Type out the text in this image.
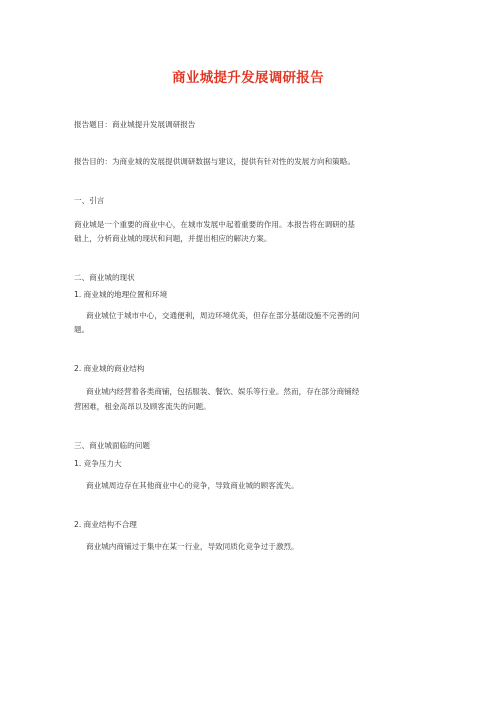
商业城提升发展调研报告
报告题目：商业城提升发展调研报告
报告目的：为商业城的发展提供调研数据与建议，提供有针对性的发展方向和策略。
一、引言
商业城是一个重要的商业中心，在城市发展中起着重要的作用。本报告将在调研的基
础上，分析商业城的现状和问题，并提出相应的解决方案。
二、商业城的现状
1. 商业城的地理位置和环境
商业城位于城市中心，交通便利，周边环境优美，但存在部分基础设施不完善的问
题。
2. 商业城的商业结构
商业城内经营着各类商铺，包括服装、餐饮、娱乐等行业。然而，存在部分商铺经
营困难，租金高昂以及顾客流失的问题。
三、商业城面临的问题
1. 竞争压力大
商业城周边存在其他商业中心的竞争，导致商业城的顾客流失。
2. 商业结构不合理
商业城内商铺过于集中在某一行业，导致同质化竞争过于激烈。
